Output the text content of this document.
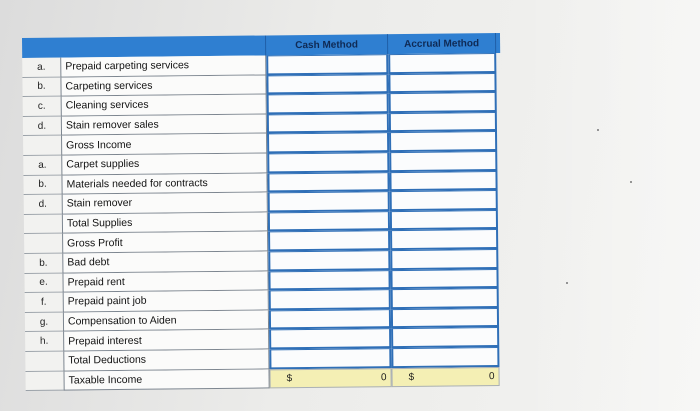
Cash Method	Accrual Method
a.	Prepaid carpeting services
b.	Carpeting services
c.	Cleaning services
d.	Stain remover sales
Gross Income
a.	Carpet supplies
b.	Materials needed for contracts
d.	Stain remover
Total Supplies
Gross Profit
b.	Bad debt
e.	Prepaid rent
f.	Prepaid paint job
g.	Compensation to Aiden
h.	Prepaid interest
Total Deductions
Taxable Income	$	0 $	0
